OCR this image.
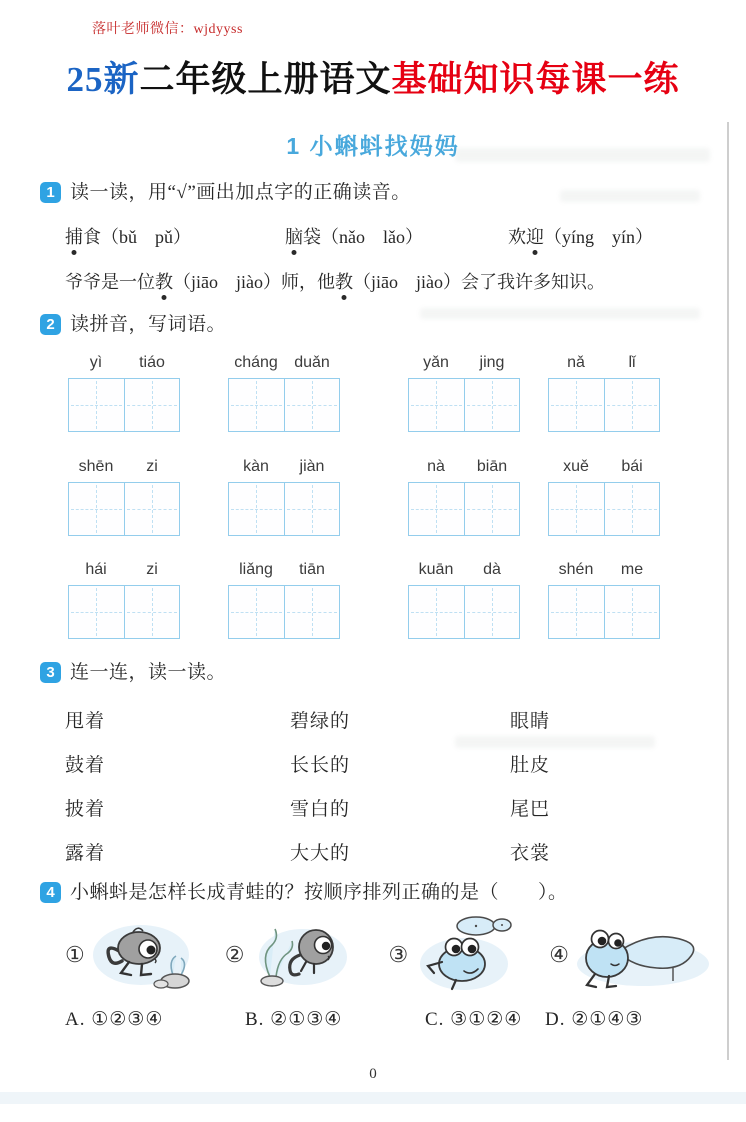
落叶老师微信：wjdyyss
25新二年级上册语文基础知识每课一练
1 小蝌蚪找妈妈
1 读一读，用“√”画出加点字的正确读音。
捕食（bǔ　pǔ）	脑袋（nǎo　lǎo）	欢迎（yíng　yín）
爷爷是一位教（jiāo　jiào）师，他教（jiāo　jiào）会了我许多知识。
2 读拼音，写词语。
yì	tiáo	cháng	duǎn	yǎn	jing	nǎ	lǐ
shēn	zi	kàn	jiàn	nà	biān	xuě	bái
hái	zi	liǎng	tiān	kuān	dà	shén	me
3 连一连，读一读。
甩着	碧绿的	眼睛
鼓着	长长的	肚皮
披着	雪白的	尾巴
露着	大大的	衣裳
4 小蝌蚪是怎样长成青蛙的？按顺序排列正确的是（　　）。
①	②	③	④
A. ①②③④	B. ②①③④	C. ③①②④ D. ②①④③
0
